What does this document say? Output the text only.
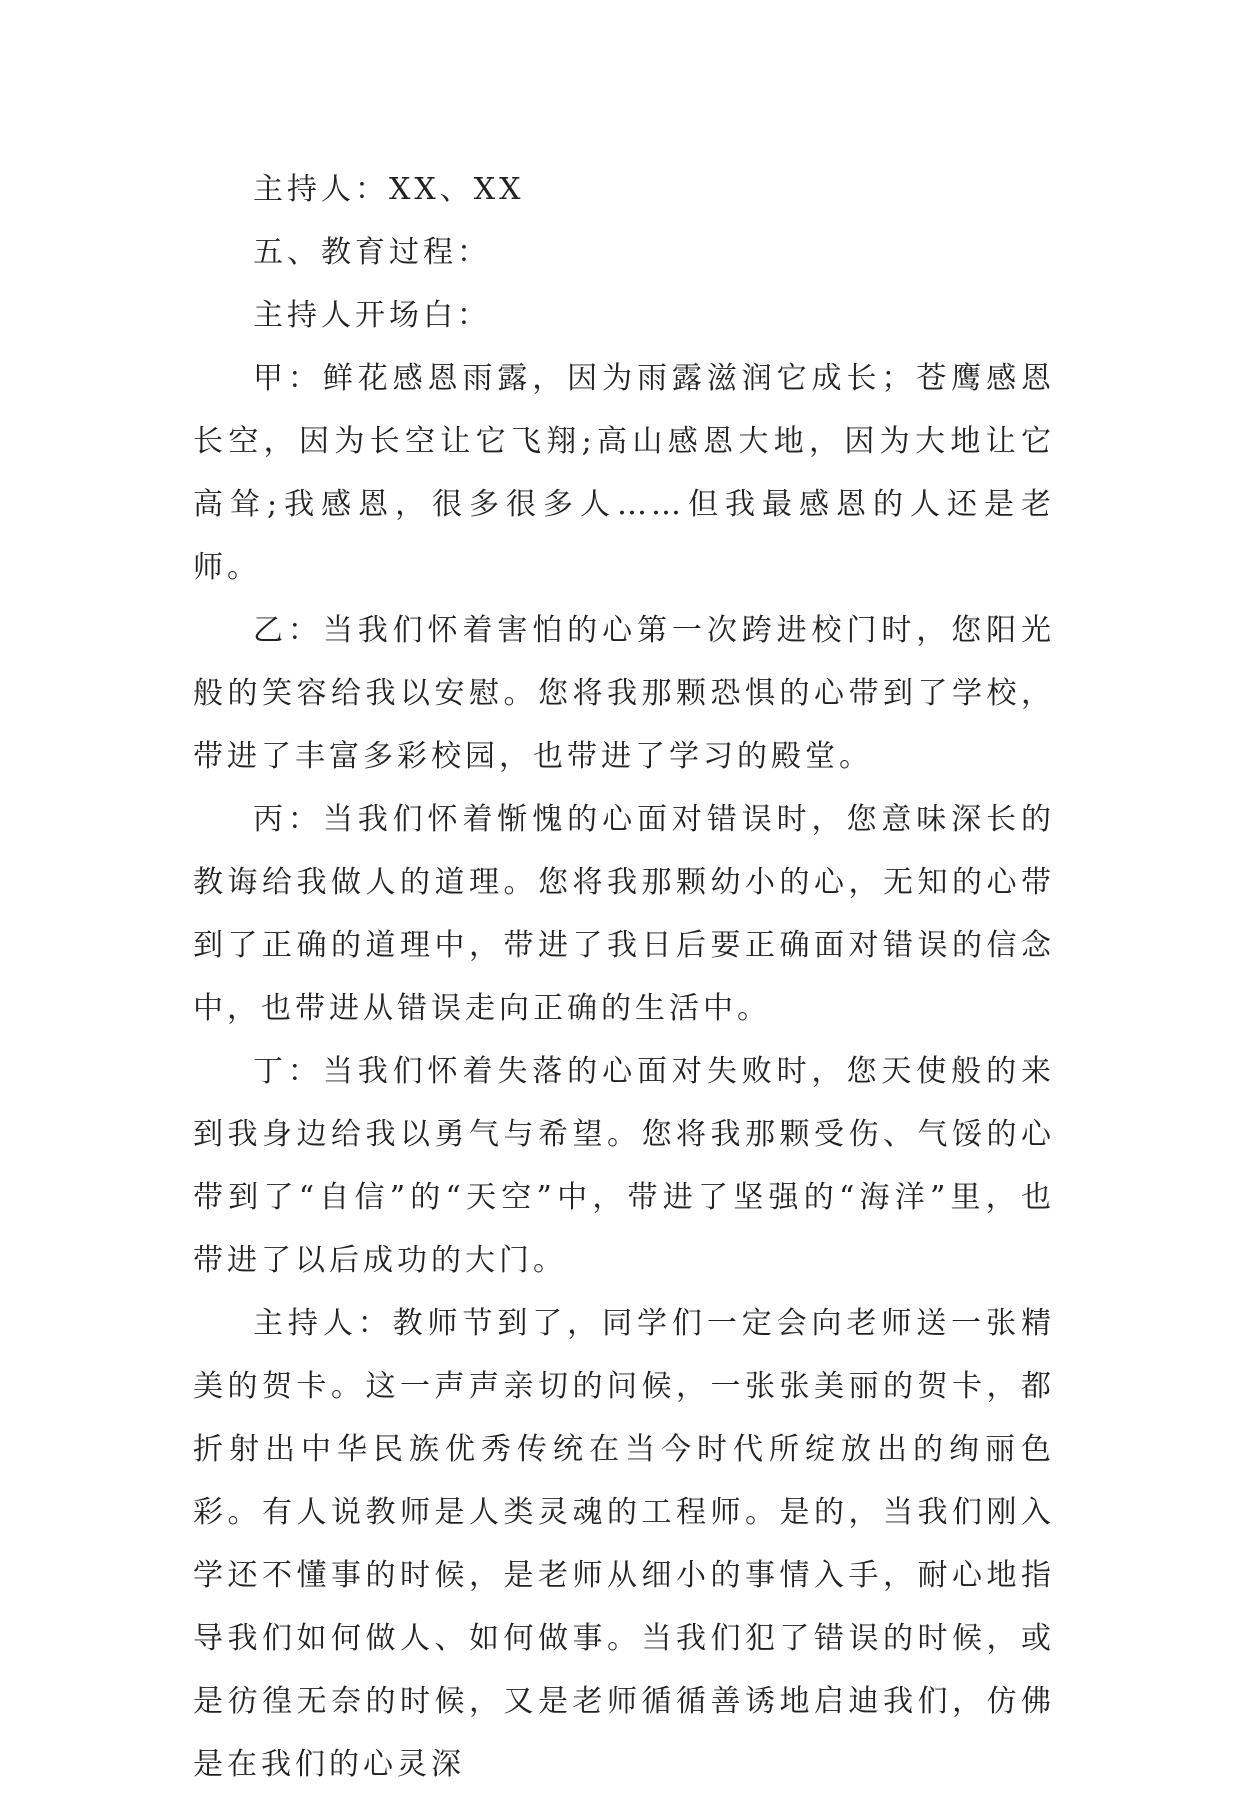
主持人：XX、XX

五、教育过程：

主持人开场白：

甲：鲜花感恩雨露，因为雨露滋润它成长；苍鹰感恩长空，因为长空让它飞翔;高山感恩大地，因为大地让它高耸;我感恩，很多很多人……但我最感恩的人还是老师。

乙：当我们怀着害怕的心第一次跨进校门时，您阳光般的笑容给我以安慰。您将我那颗恐惧的心带到了学校，带进了丰富多彩校园，也带进了学习的殿堂。

丙：当我们怀着惭愧的心面对错误时，您意味深长的教诲给我做人的道理。您将我那颗幼小的心，无知的心带到了正确的道理中，带进了我日后要正确面对错误的信念中，也带进从错误走向正确的生活中。

丁：当我们怀着失落的心面对失败时，您天使般的来到我身边给我以勇气与希望。您将我那颗受伤、气馁的心带到了“自信”的“天空”中，带进了坚强的“海洋”里，也带进了以后成功的大门。

主持人：教师节到了，同学们一定会向老师送一张精美的贺卡。这一声声亲切的问候，一张张美丽的贺卡，都折射出中华民族优秀传统在当今时代所绽放出的绚丽色彩。有人说教师是人类灵魂的工程师。是的，当我们刚入学还不懂事的时候，是老师从细小的事情入手，耐心地指导我们如何做人、如何做事。当我们犯了错误的时候，或是彷徨无奈的时候，又是老师循循善诱地启迪我们，仿佛是在我们的心灵深
